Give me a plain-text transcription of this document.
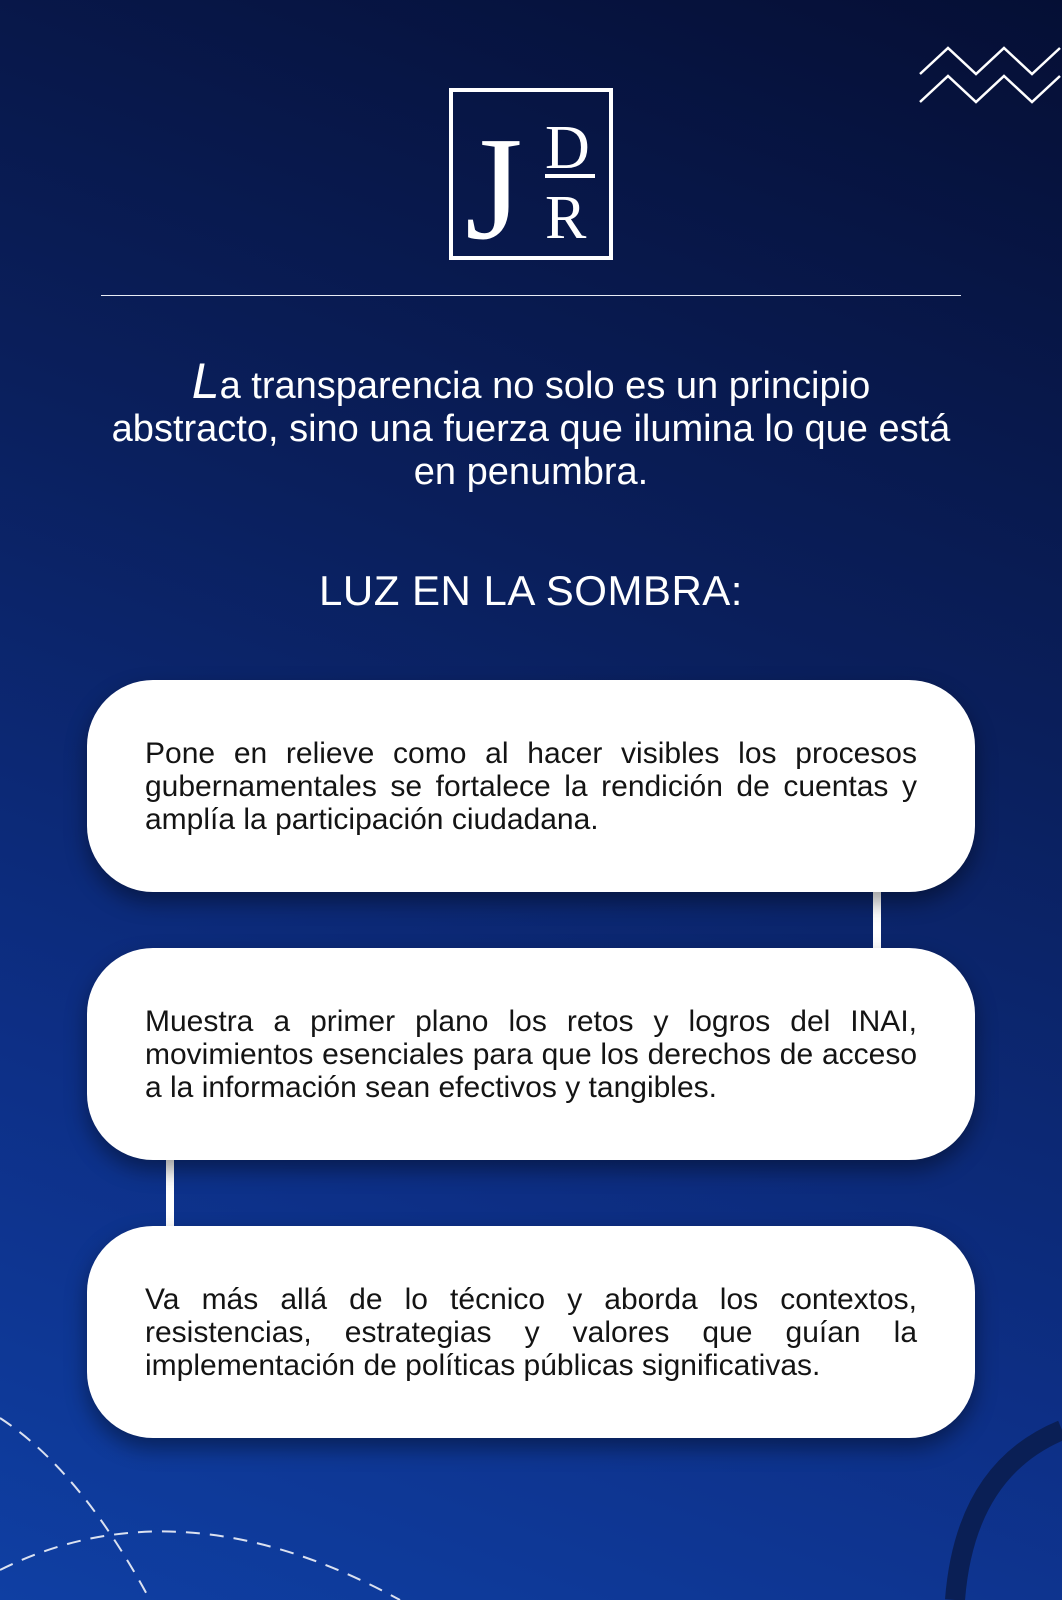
J D
R
La transparencia no solo es un principio abstracto, sino una fuerza que ilumina lo que está en penumbra.
LUZ EN LA SOMBRA:

Pone en relieve como al hacer visibles los procesos gubernamentales se fortalece la rendición de cuentas y amplía la participación ciudadana.

Muestra a primer plano los retos y logros del INAI, movimientos esenciales para que los derechos de acceso a la información sean efectivos y tangibles.

Va más allá de lo técnico y aborda los contextos, resistencias, estrategias y valores que guían la implementación de políticas públicas significativas.
